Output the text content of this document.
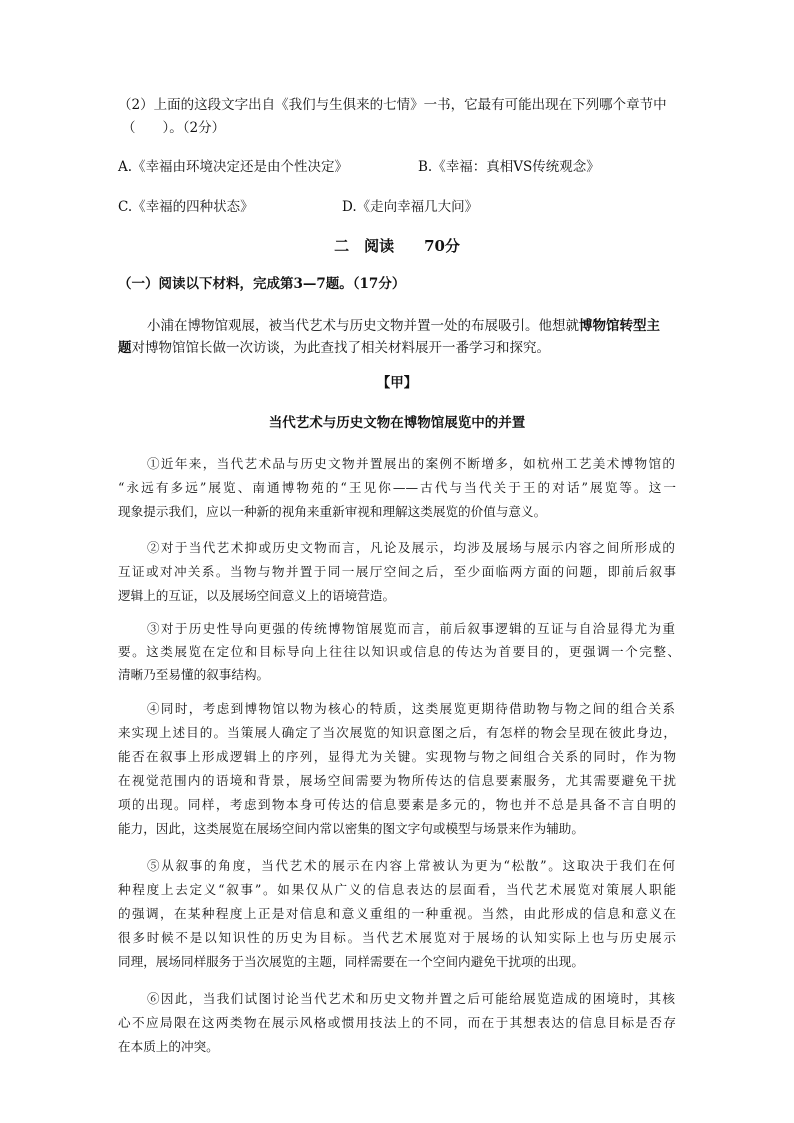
（2）上面的这段文字出自《我们与生俱来的七情》一书，它最有可能出现在下列哪个章节中
（　　）。（2分）
A.《幸福由环境决定还是由个性决定》	B.《幸福：真相VS传统观念》
C.《幸福的四种状态》	D.《走向幸福几大问》
二　阅读　　70分
（一）阅读以下材料，完成第3—7题。（17分）
小浦在博物馆观展，被当代艺术与历史文物并置一处的布展吸引。他想就博物馆转型主
题对博物馆馆长做一次访谈，为此查找了相关材料展开一番学习和探究。
【甲】
当代艺术与历史文物在博物馆展览中的并置
①近年来，当代艺术品与历史文物并置展出的案例不断增多，如杭州工艺美术博物馆的
“永远有多远”展览、南通博物苑的“王见你——古代与当代关于王的对话”展览等。这一
现象提示我们，应以一种新的视角来重新审视和理解这类展览的价值与意义。
②对于当代艺术抑或历史文物而言，凡论及展示，均涉及展场与展示内容之间所形成的
互证或对冲关系。当物与物并置于同一展厅空间之后，至少面临两方面的问题，即前后叙事
逻辑上的互证，以及展场空间意义上的语境营造。
③对于历史性导向更强的传统博物馆展览而言，前后叙事逻辑的互证与自洽显得尤为重
要。这类展览在定位和目标导向上往往以知识或信息的传达为首要目的，更强调一个完整、
清晰乃至易懂的叙事结构。
④同时，考虑到博物馆以物为核心的特质，这类展览更期待借助物与物之间的组合关系
来实现上述目的。当策展人确定了当次展览的知识意图之后，有怎样的物会呈现在彼此身边，
能否在叙事上形成逻辑上的序列，显得尤为关键。实现物与物之间组合关系的同时，作为物
在视觉范围内的语境和背景，展场空间需要为物所传达的信息要素服务，尤其需要避免干扰
项的出现。同样，考虑到物本身可传达的信息要素是多元的，物也并不总是具备不言自明的
能力，因此，这类展览在展场空间内常以密集的图文字句或模型与场景来作为辅助。
⑤从叙事的角度，当代艺术的展示在内容上常被认为更为“松散”。这取决于我们在何
种程度上去定义“叙事”。如果仅从广义的信息表达的层面看，当代艺术展览对策展人职能
的强调，在某种程度上正是对信息和意义重组的一种重视。当然，由此形成的信息和意义在
很多时候不是以知识性的历史为目标。当代艺术展览对于展场的认知实际上也与历史展示
同理，展场同样服务于当次展览的主题，同样需要在一个空间内避免干扰项的出现。
⑥因此，当我们试图讨论当代艺术和历史文物并置之后可能给展览造成的困境时，其核
心不应局限在这两类物在展示风格或惯用技法上的不同，而在于其想表达的信息目标是否存
在本质上的冲突。
